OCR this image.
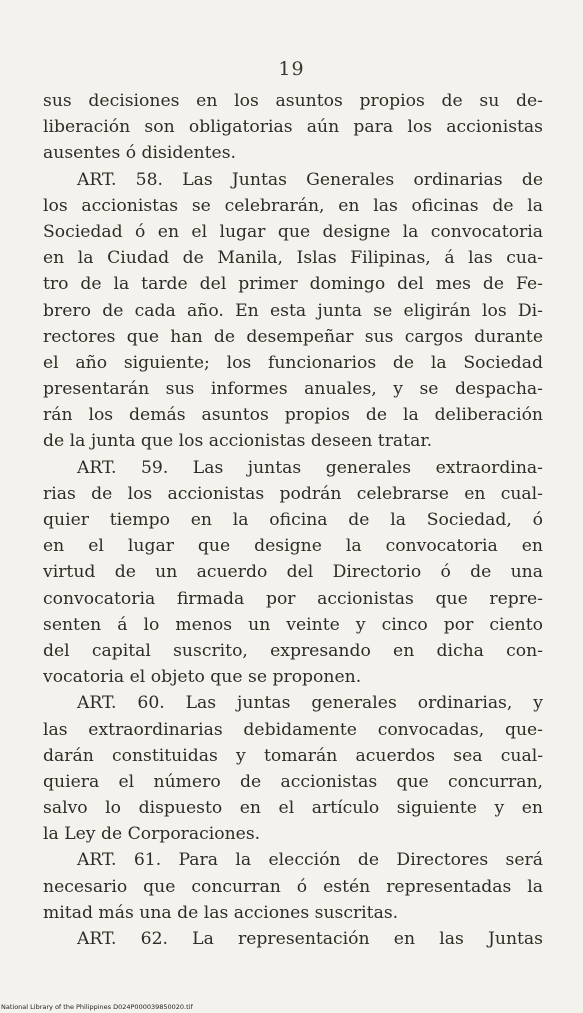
19
sus decisiones en los asuntos propios de su de-
liberación son obligatorias aún para los accionistas
ausentes ó disidentes.
ART. 58. Las Juntas Generales ordinarias de
los accionistas se celebrarán, en las oficinas de la
Sociedad ó en el lugar que designe la convocatoria
en la Ciudad de Manila, Islas Filipinas, á las cua-
tro de la tarde del primer domingo del mes de Fe-
brero de cada año. En esta junta se eligirán los Di-
rectores que han de desempeñar sus cargos durante
el año siguiente; los funcionarios de la Sociedad
presentarán sus informes anuales, y se despacha-
rán los demás asuntos propios de la deliberación
de la junta que los accionistas deseen tratar.
ART. 59. Las juntas generales extraordina-
rias de los accionistas podrán celebrarse en cual-
quier tiempo en la oficina de la Sociedad, ó
en el lugar que designe la convocatoria en
virtud de un acuerdo del Directorio ó de una
convocatoria firmada por accionistas que repre-
senten á lo menos un veinte y cinco por ciento
del capital suscrito, expresando en dicha con-
vocatoria el objeto que se proponen.
ART. 60. Las juntas generales ordinarias, y
las extraordinarias debidamente convocadas, que-
darán constituidas y tomarán acuerdos sea cual-
quiera el número de accionistas que concurran,
salvo lo dispuesto en el artículo siguiente y en
la Ley de Corporaciones.
ART. 61. Para la elección de Directores será
necesario que concurran ó estén representadas la
mitad más una de las acciones suscritas.
ART. 62. La representación en las Juntas
National Library of the Philippines D024P000039850020.tif
